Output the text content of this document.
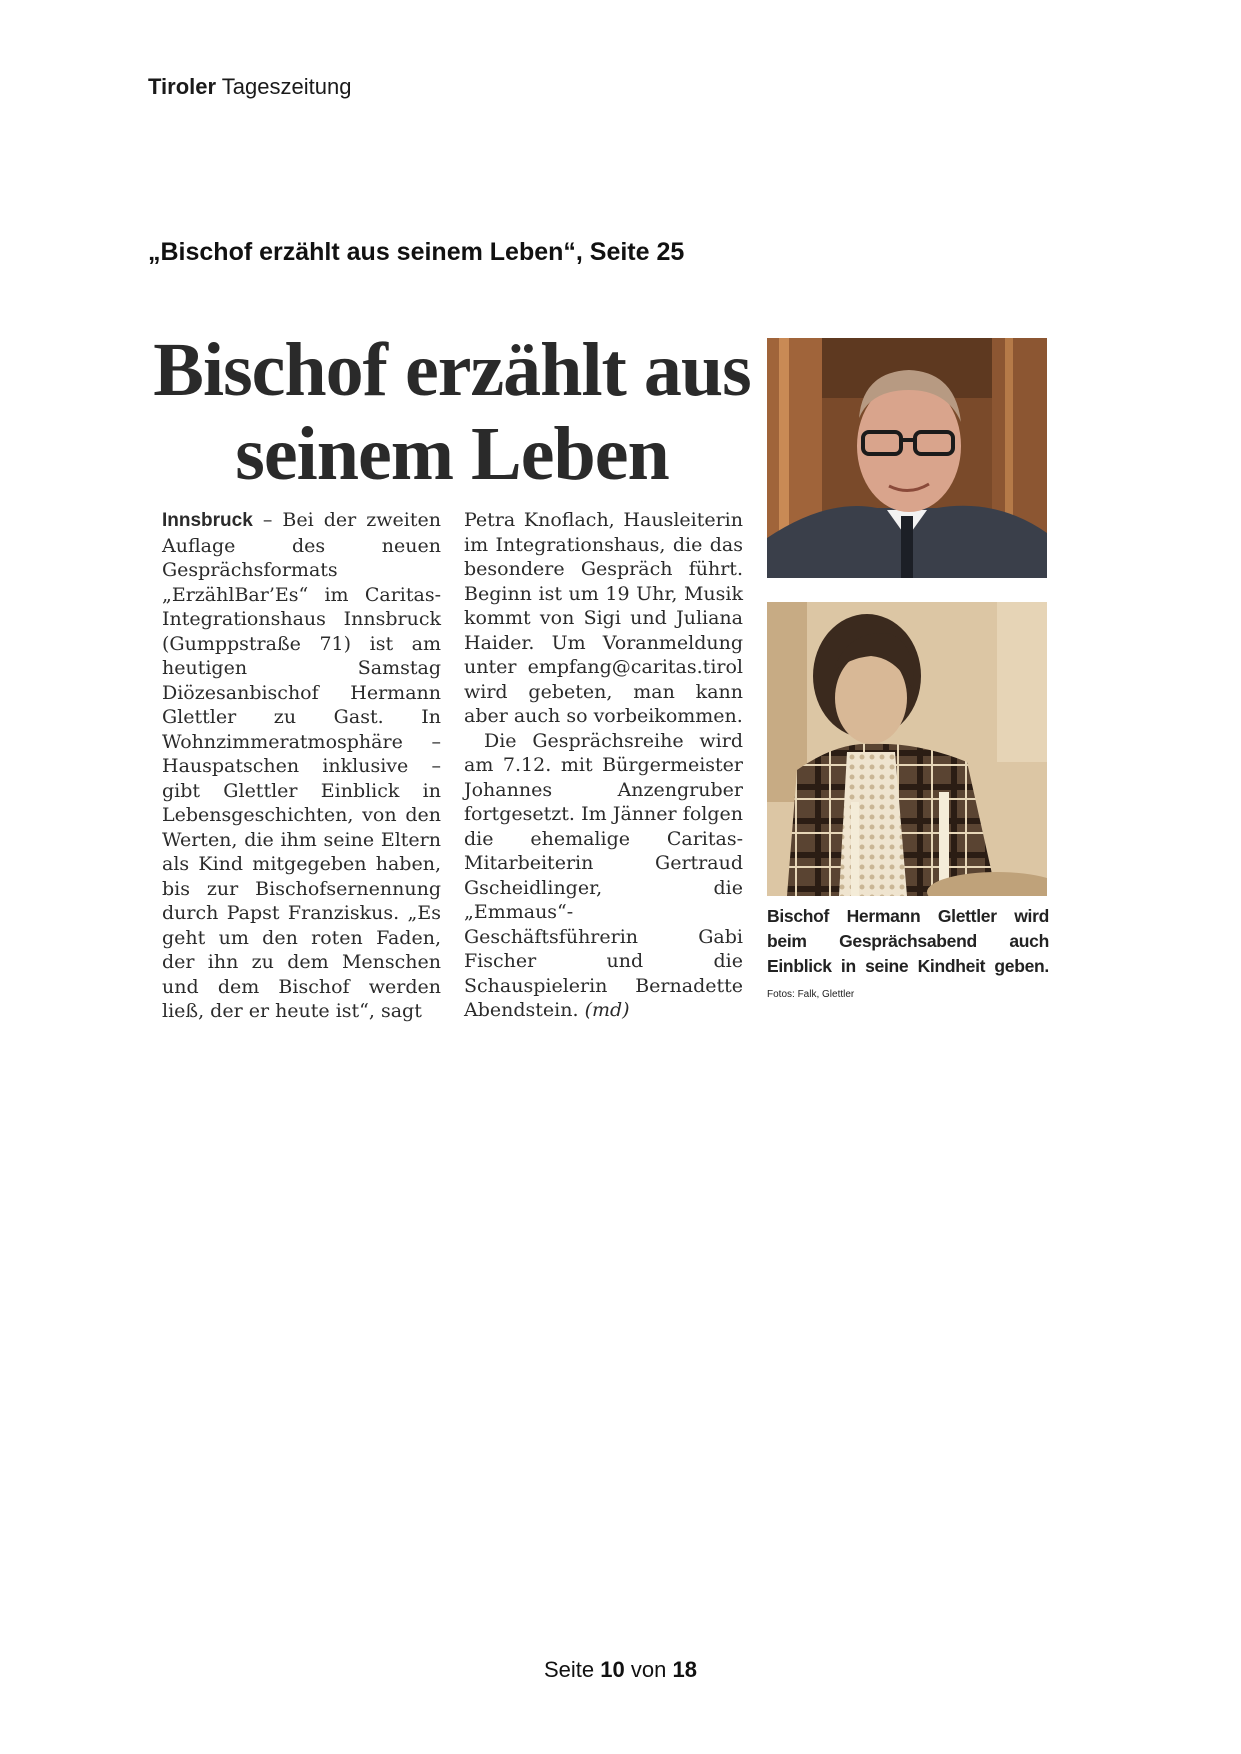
Tiroler Tageszeitung
„Bischof erzählt aus seinem Leben“, Seite 25
Bischof erzählt aus seinem Leben
Innsbruck – Bei der zweiten Auflage des neuen Gesprächsformats „ErzählBar’Es“ im Caritas-Integrationshaus Innsbruck (Gumppstraße 71) ist am heutigen Samstag Diözesanbischof Hermann Glettler zu Gast. In Wohnzimmeratmosphäre – Hauspatschen inklusive – gibt Glettler Einblick in Lebensgeschichten, von den Werten, die ihm seine Eltern als Kind mitgegeben haben, bis zur Bischofsernennung durch Papst Franziskus. „Es geht um den roten Faden, der ihn zu dem Menschen und dem Bischof werden ließ, der er heute ist“, sagt

Petra Knoflach, Hausleiterin im Integrationshaus, die das besondere Gespräch führt. Beginn ist um 19 Uhr, Musik kommt von Sigi und Juliana Haider. Um Voranmeldung unter empfang@caritas.tirol wird gebeten, man kann aber auch so vorbeikommen.

Die Gesprächsreihe wird am 7.12. mit Bürgermeister Johannes Anzengruber fortgesetzt. Im Jänner folgen die ehemalige Caritas-Mitarbeiterin Gertraud Gscheidlinger, die „Emmaus“-Geschäftsführerin Gabi Fischer und die Schauspielerin Bernadette Abendstein. (md)

Bischof Hermann Glettler wird beim Gesprächsabend auch Einblick in seine Kindheit geben. Fotos: Falk, Glettler
Seite 10 von 18
